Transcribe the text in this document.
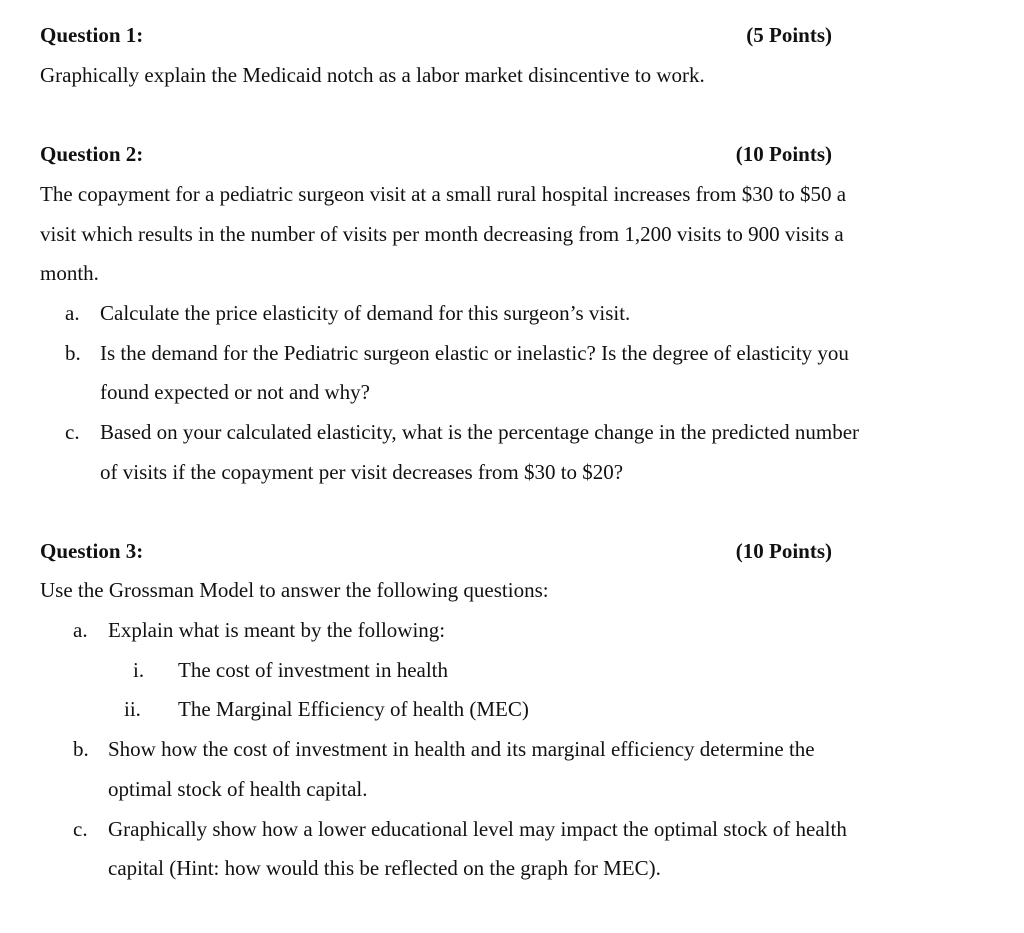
Question 1:	(5 Points)
Graphically explain the Medicaid notch as a labor market disincentive to work.
Question 2:	(10 Points)
The copayment for a pediatric surgeon visit at a small rural hospital increases from $30 to $50 a
visit which results in the number of visits per month decreasing from 1,200 visits to 900 visits a
month.
a. Calculate the price elasticity of demand for this surgeon’s visit.
b. Is the demand for the Pediatric surgeon elastic or inelastic? Is the degree of elasticity you
found expected or not and why?
c. Based on your calculated elasticity, what is the percentage change in the predicted number
of visits if the copayment per visit decreases from $30 to $20?
Question 3:	(10 Points)
Use the Grossman Model to answer the following questions:
a. Explain what is meant by the following:
i. The cost of investment in health
ii. The Marginal Efficiency of health (MEC)
b. Show how the cost of investment in health and its marginal efficiency determine the
optimal stock of health capital.
c. Graphically show how a lower educational level may impact the optimal stock of health
capital (Hint: how would this be reflected on the graph for MEC).
